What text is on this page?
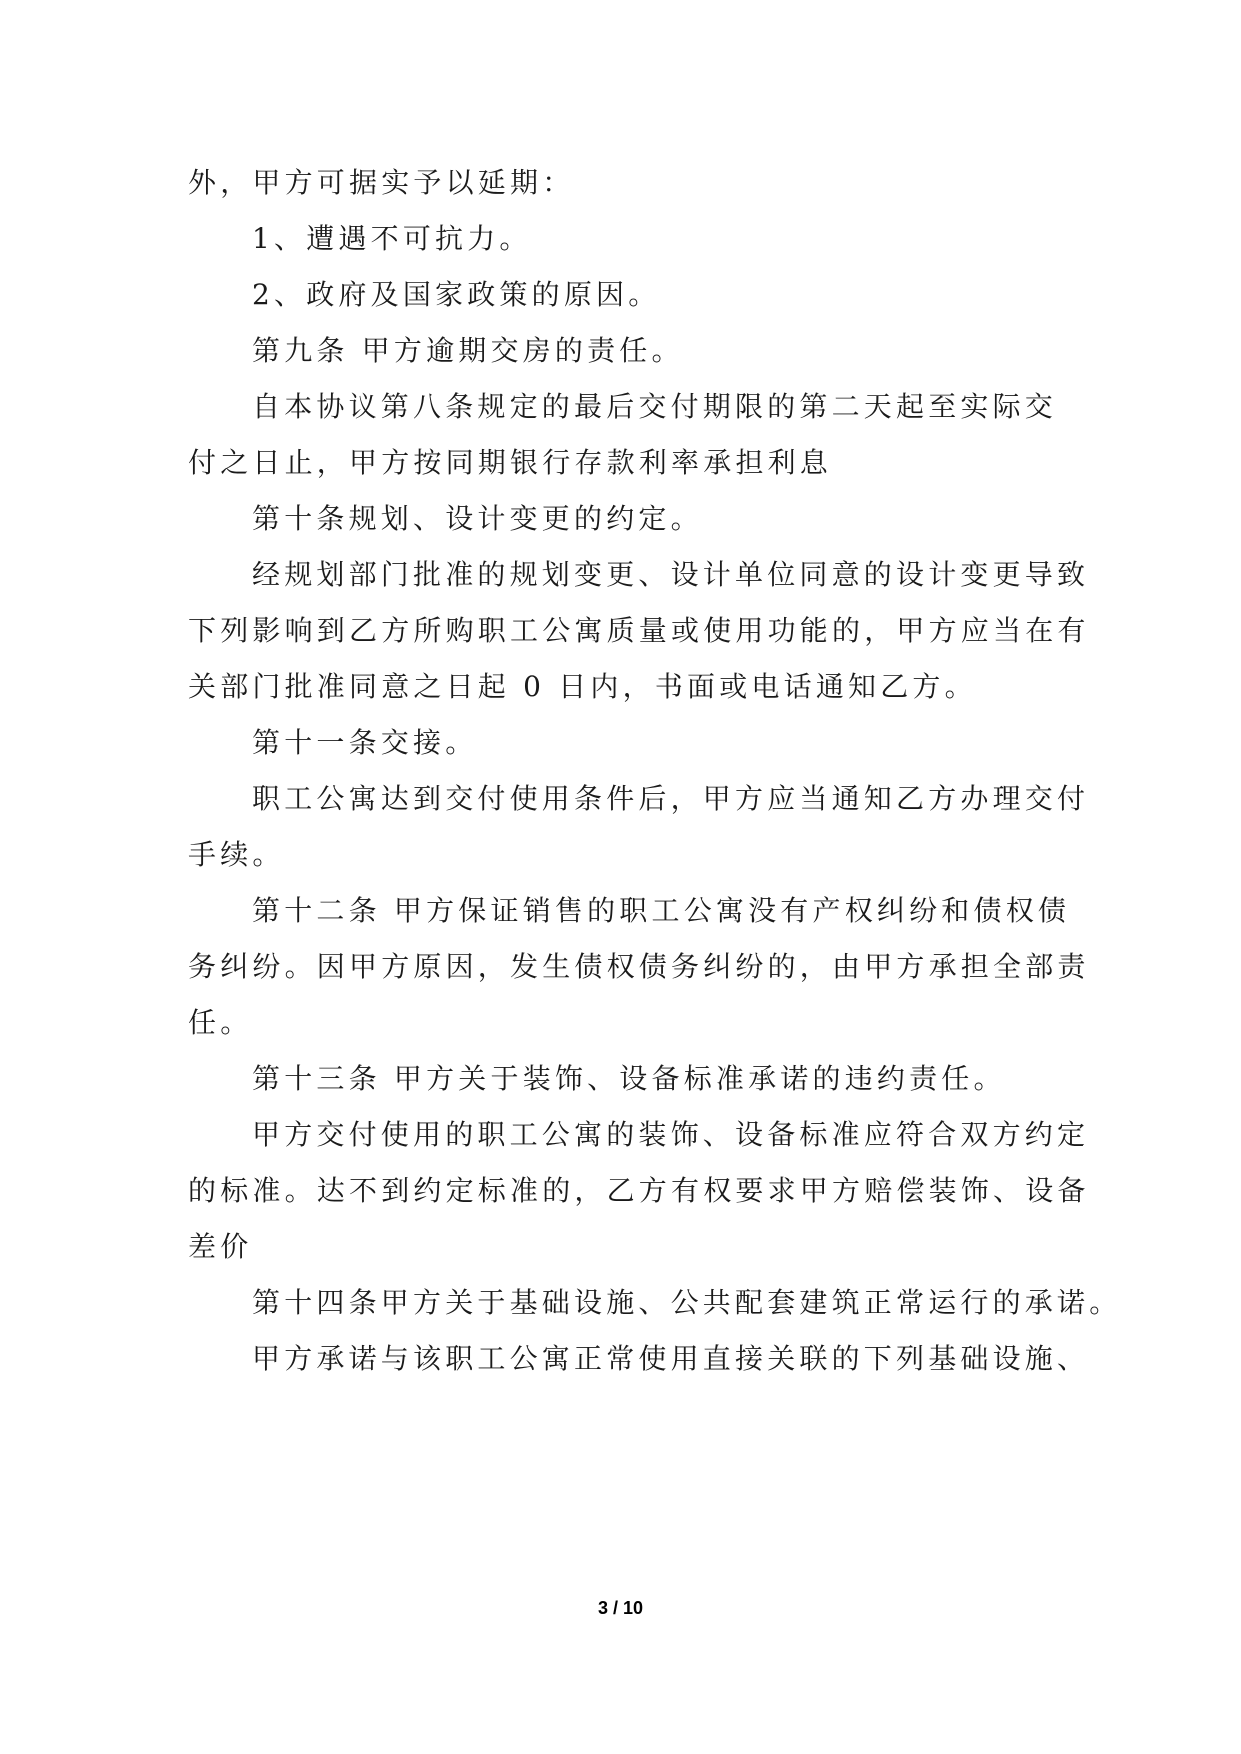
外，甲方可据实予以延期：
1、遭遇不可抗力。
2、政府及国家政策的原因。
第九条 甲方逾期交房的责任。
自本协议第八条规定的最后交付期限的第二天起至实际交
付之日止，甲方按同期银行存款利率承担利息
第十条规划、设计变更的约定。
经规划部门批准的规划变更、设计单位同意的设计变更导致
下列影响到乙方所购职工公寓质量或使用功能的，甲方应当在有
关部门批准同意之日起 0 日内，书面或电话通知乙方。
第十一条交接。
职工公寓达到交付使用条件后，甲方应当通知乙方办理交付
手续。
第十二条 甲方保证销售的职工公寓没有产权纠纷和债权债
务纠纷。因甲方原因，发生债权债务纠纷的，由甲方承担全部责
任。
第十三条 甲方关于装饰、设备标准承诺的违约责任。
甲方交付使用的职工公寓的装饰、设备标准应符合双方约定
的标准。达不到约定标准的，乙方有权要求甲方赔偿装饰、设备
差价
第十四条甲方关于基础设施、公共配套建筑正常运行的承诺。
甲方承诺与该职工公寓正常使用直接关联的下列基础设施、
3 / 10
